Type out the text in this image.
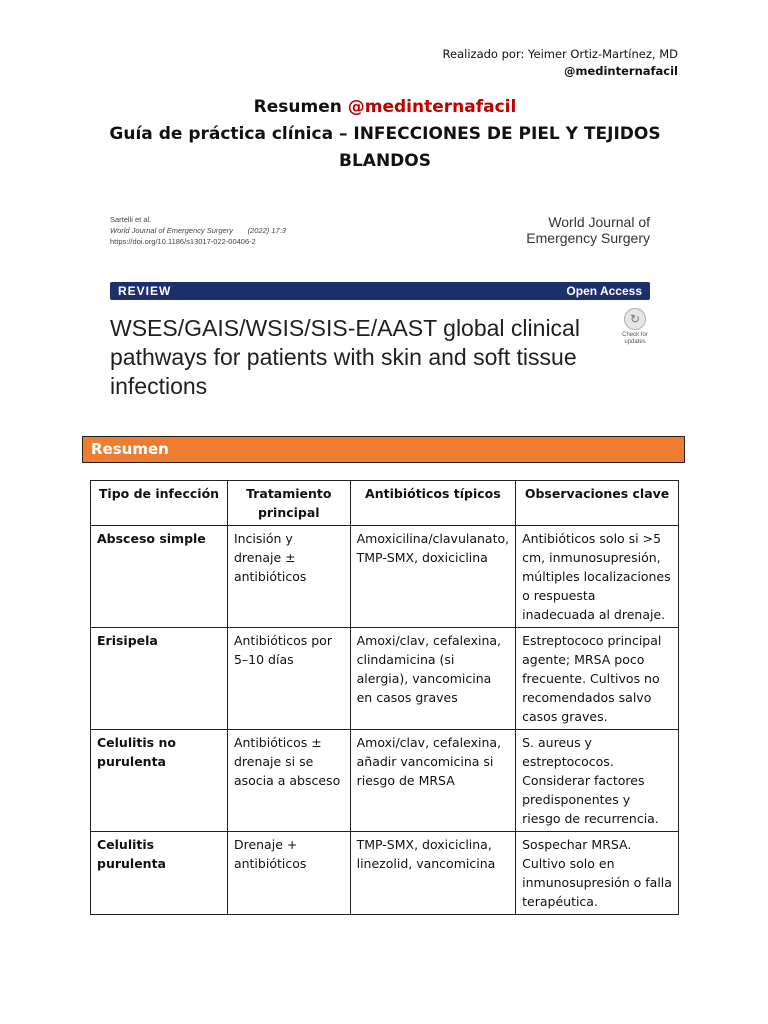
Realizado por: Yeimer Ortiz-Martínez, MD
@medinternafacil
Resumen @medinternafacil
Guía de práctica clínica – INFECCIONES DE PIEL Y TEJIDOS BLANDOS
Sartelli et al.
World Journal of Emergency Surgery (2022) 17:3
https://doi.org/10.1186/s13017-022-00406-2
World Journal of
Emergency Surgery
REVIEW	Open Access
WSES/GAIS/WSIS/SIS-E/AAST global clinical pathways for patients with skin and soft tissue infections
↻
Check for updates
Resumen
Tipo de infección	Tratamiento principal	Antibióticos típicos	Observaciones clave
Absceso simple	Incisión y drenaje ± antibióticos	Amoxicilina/clavulanato, TMP-SMX, doxiciclina	Antibióticos solo si >5 cm, inmunosupresión, múltiples localizaciones o respuesta inadecuada al drenaje.
Erisipela	Antibióticos por 5–10 días	Amoxi/clav, cefalexina, clindamicina (si alergia), vancomicina en casos graves	Estreptococo principal agente; MRSA poco frecuente. Cultivos no recomendados salvo casos graves.
Celulitis no purulenta	Antibióticos ± drenaje si se asocia a absceso	Amoxi/clav, cefalexina, añadir vancomicina si riesgo de MRSA	S. aureus y estreptococos. Considerar factores predisponentes y riesgo de recurrencia.
Celulitis purulenta	Drenaje + antibióticos	TMP-SMX, doxiciclina, linezolid, vancomicina	Sospechar MRSA. Cultivo solo en inmunosupresión o falla terapéutica.
